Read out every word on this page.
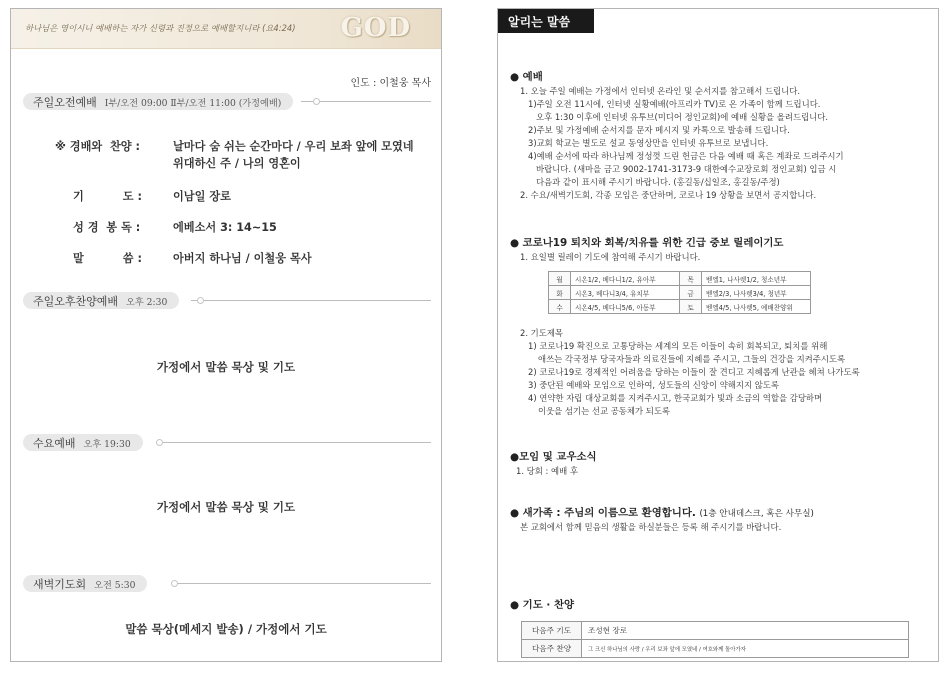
하나님은 영이시니 예배하는 자가 신령과 진정으로 예배할지니라 (요4:24) GOD
인도 : 이철웅 목사
주일오전예배 Ⅰ부/오전 09:00 Ⅱ부/오전 11:00 (가정예배)
※ 경배와  찬양 :	날마다 숨 쉬는 순간마다 / 우리 보좌 앞에 모였네
위대하신 주 / 나의 영혼이
기          도 :	이남일 장로
성 경  봉 독 :	에베소서 3: 14~15
말          씀 :	아버지 하나님 / 이철웅 목사
주일오후찬양예배 오후 2:30
가정에서 말씀 묵상 및 기도
수요예배 오후 19:30
가정에서 말씀 묵상 및 기도
새벽기도회 오전 5:30
말씀 묵상(메세지 발송) / 가정에서 기도
알리는 말씀
● 예배
1. 오늘 주일 예배는 가정에서 인터넷 온라인 및 순서지를 참고해서 드립니다.
1)주일 오전 11시에, 인터넷 실황예배(아프리카 TV)로 온 가족이 함께 드립니다.
오후 1:30 이후에 인터넷 유투브(미디어 정인교회)에 예배 실황을 올려드립니다.
2)주보 및 가정예배 순서지를 문자 메시지 및 카톡으로 발송해 드립니다.
3)교회 학교는 별도로 설교 동영상만을 인터넷 유투브로 보냅니다.
4)예배 순서에 따라 하나님께 정성껏 드린 헌금은 다음 예배 때 혹은 계좌로 드려주시기
바랍니다. (새마을 금고 9002-1741-3173-9 대한예수교장로회 정인교회) 입금 시
다음과 같이 표시해 주시기 바랍니다. (홍길동/십일조, 홍길동/주정)
2. 수요/새벽기도회, 각종 모임은 중단하며, 코로나 19 상황을 보면서 공지합니다.
● 코로나19 퇴치와 회복/치유를 위한 긴급 중보 릴레이기도
1. 요일별 릴레이 기도에 참여해 주시기 바랍니다.
월	시온1/2, 베다니1/2, 유아부	목	벧엘1, 나사렛1/2, 청소년부
화	시온3, 베다니3/4, 유치부	금	벧엘2/3, 나사렛3/4, 청년부
수	시온4/5, 베다니5/6, 아동부	토	벧엘4/5, 나사렛5, 예배찬양위
2. 기도제목
1) 코로나19 확진으로 고통당하는 세계의 모든 이들이 속히 회복되고, 퇴치를 위해
애쓰는 각국정부 당국자들과 의료진들에 지혜를 주시고, 그들의 건강을 지켜주시도록
2) 코로나19로 경제적인 어려움을 당하는 이들이 잘 견디고 지혜롭게 난관을 헤쳐 나가도록
3) 중단된 예배와 모임으로 인하여, 성도들의 신앙이 약해지지 않도록
4) 연약한 자립 대상교회를 지켜주시고, 한국교회가 빛과 소금의 역할을 감당하며
이웃을 섬기는 선교 공동체가 되도록
●모임 및 교우소식
1. 당회 : 예배 후
● 새가족 : 주님의 이름으로 환영합니다. (1층 안내데스크, 혹은 사무실)
본 교회에서 함께 믿음의 생활을 하실분들은 등록 해 주시기를 바랍니다.
● 기도 · 찬양
다음주 기도	조성현 장로
다음주 찬양	그 크신 하나님의 사랑 / 우리 보좌 앞에 모였네 / 여호와께 돌아가자
